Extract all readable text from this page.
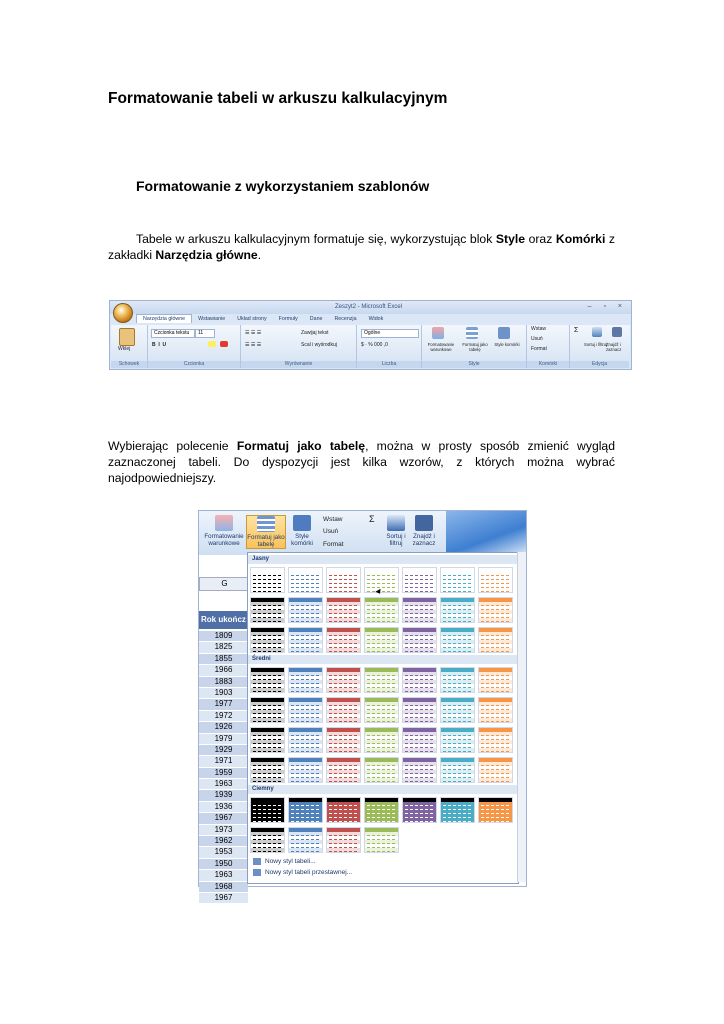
Formatowanie tabeli w arkuszu kalkulacyjnym
Formatowanie z wykorzystaniem szablonów
Tabele w arkuszu kalkulacyjnym formatuje się, wykorzystując blok Style oraz Komórki z zakładki Narzędzia główne.
Zeszyt2 - Microsoft Excel	– ▫ ×
Narzędzia główne Wstawianie Układ strony Formuły Dane Recenzja Widok
Wklej
Schowek
Czcionka tekstu	11
B  I  U
Czcionka
☰ ☰ ☰
☰ ☰ ☰
Zawijaj tekst
Scal i wyśrodkuj
Wyrównanie
Ogólne
$ · % 000 ,0
Liczba
Formatowanie warunkowe
Formatuj jako tabelę
Style komórki
Style
Wstaw
Usuń
Format
Komórki
Σ
Sortuj i filtruj
Znajdź i zaznacz
Edycja
Wybierając polecenie Formatuj jako tabelę, można w prosty sposób zmienić wygląd zaznaczonej tabeli. Do dyspozycji jest kilka wzorów, z których można wybrać najodpowiedniejszy.
Formatowanie warunkowe
Formatuj jako tabelę
Style komórki
Wstaw
Usuń
Format
Σ
Sortuj i filtruj
Znajdź i zaznacz
G
Rok ukończ
1809
1825
1855
1966
1883
1903
1977
1972
1926
1979
1929
1971
1959
1963
1939
1936
1967
1973
1962
1953
1950
1963
1968
1967
Jasny
Średni
Ciemny
Nowy styl tabeli...
Nowy styl tabeli przestawnej...
